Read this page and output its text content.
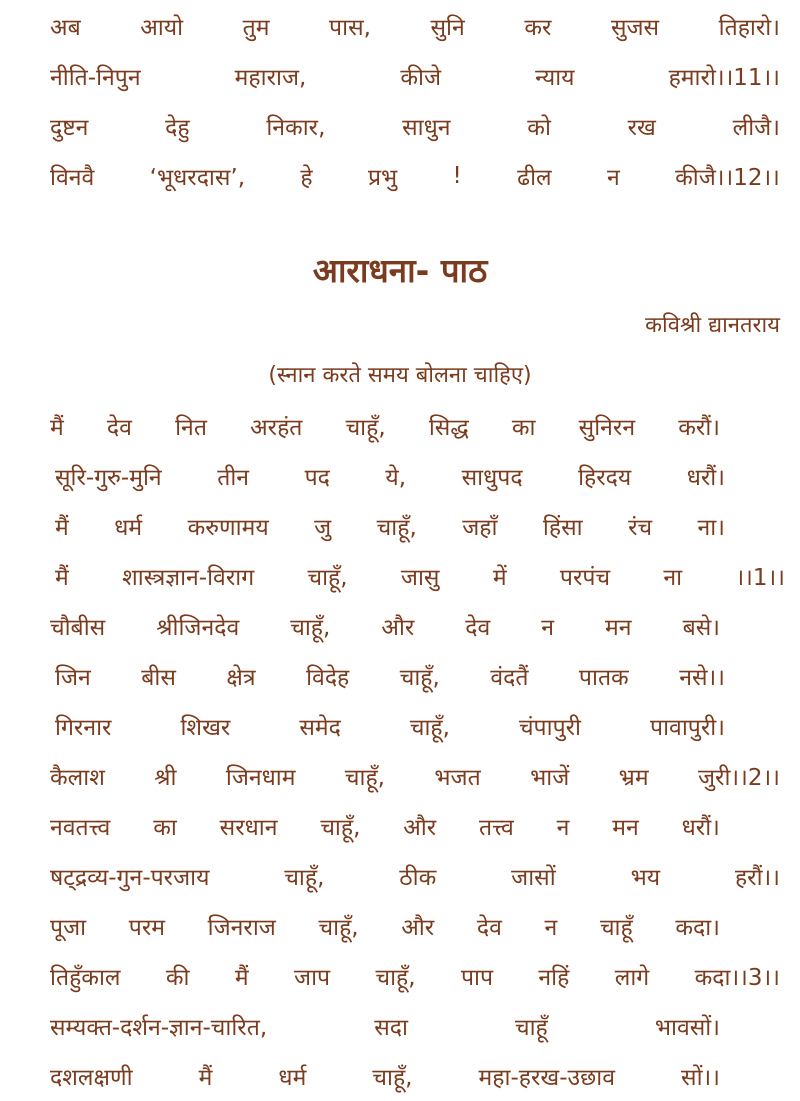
अब	आयो	तुम	पास,	सुनि	कर	सुजस	तिहारो।
नीति-निपुन	महाराज,	कीजे	न्याय	हमारो।।11।।
दुष्टन	देहु	निकार,	साधुन	को	रख	लीजै।
विनवै ‘भूधरदास’, हे प्रभु ! ढील न कीजै।।12।।
आराधना- पाठ
कविश्री द्यानतराय
(स्नान करते समय बोलना चाहिए)
मैं देव नित अरहंत चाहूँ, सिद्ध का सुनिरन करौं।
सूरि-गुरु-मुनि तीन पद ये, साधुपद हिरदय धरौं।
मैं धर्म करुणामय जु चाहूँ, जहाँ हिंसा रंच ना।
मैं शास्त्रज्ञान-विराग चाहूँ, जासु में परपंच ना ।।1।।
चौबीस श्रीजिनदेव चाहूँ, और देव न मन बसे।
जिन बीस क्षेत्र विदेह चाहूँ, वंदतैं पातक नसे।।
गिरनार	शिखर	समेद	चाहूँ,	चंपापुरी	पावापुरी।
कैलाश श्री जिनधाम चाहूँ, भजत भाजें भ्रम जुरी।।2।।
नवतत्त्व का सरधान चाहूँ, और तत्त्व न मन धरौं।
षट्द्रव्य-गुन-परजाय	चाहूँ,	ठीक	जासों	भय	हरौं।।
पूजा परम जिनराज चाहूँ, और देव न चाहूँ कदा।
तिहुँकाल की मैं जाप चाहूँ, पाप नहिं लागे कदा।।3।।
सम्यक्त-दर्शन-ज्ञान-चारित,	सदा	चाहूँ	भावसों।
दशलक्षणी	मैं	धर्म	चाहूँ,	महा-हरख-उछाव	सों।।
